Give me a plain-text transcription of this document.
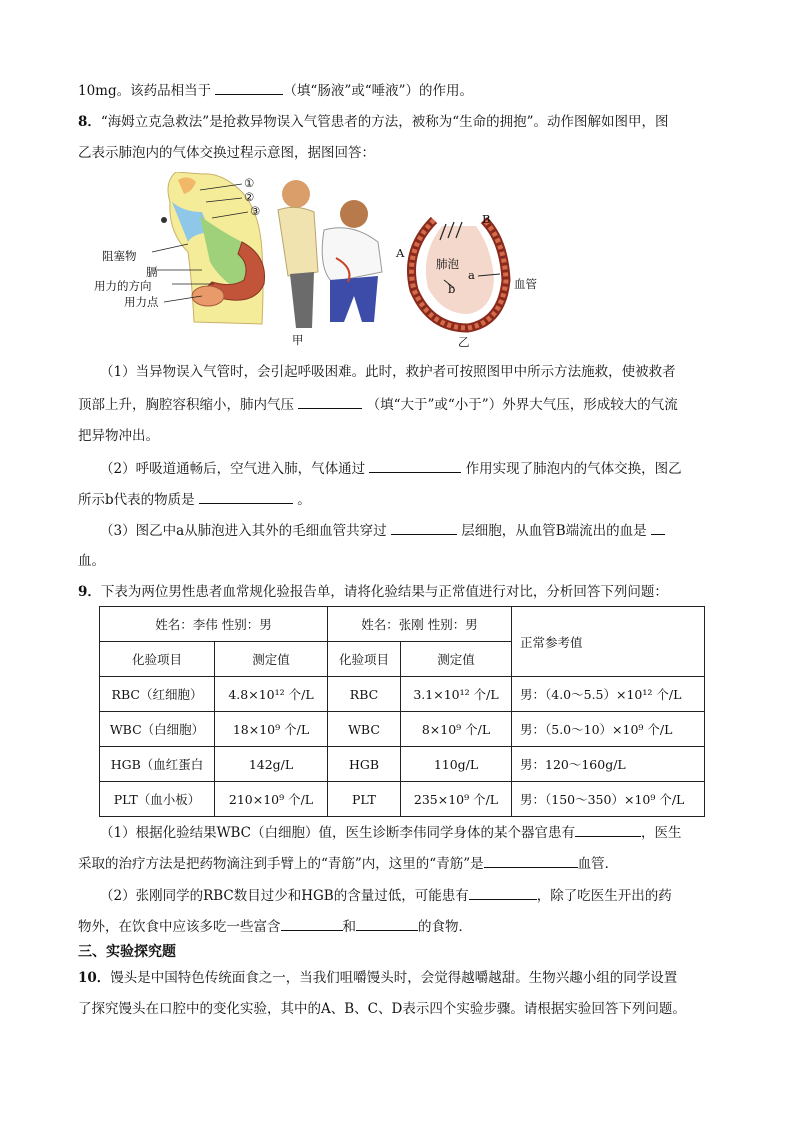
10mg。该药品相当于	（填“肠液”或“唾液”）的作用。
8．“海姆立克急救法”是抢救异物误入气管患者的方法，被称为“生命的拥抱”。动作图解如图甲，图
乙表示肺泡内的气体交换过程示意图，据图回答：
①
②
③
阻塞物
膈
用力的方向
用力点
甲
A
B
肺泡
a
b	血管
乙
（1）当异物误入气管时，会引起呼吸困难。此时，救护者可按照图甲中所示方法施救，使被救者
顶部上升，胸腔容积缩小，肺内气压	（填“大于”或“小于”）外界大气压，形成较大的气流
把异物冲出。
（2）呼吸道通畅后，空气进入肺，气体通过	作用实现了肺泡内的气体交换，图乙
所示b代表的物质是	。
（3）图乙中a从肺泡进入其外的毛细血管共穿过	层细胞，从血管B端流出的血是
血。
9．下表为两位男性患者血常规化验报告单，请将化验结果与正常值进行对比，分析回答下列问题：
姓名：李伟 性别：男		姓名：张刚 性别：男		正常参考值
化验项目	测定值	化验项目	测定值	
RBC（红细胞）	4.8×10¹² 个/L	RBC	3.1×10¹² 个/L	男：（4.0～5.5）×10¹² 个/L
WBC（白细胞）	18×10⁹ 个/L	WBC	8×10⁹ 个/L	男：（5.0～10）×10⁹ 个/L
HGB（血红蛋白	142g/L	HGB	110g/L	男：120～160g/L
PLT（血小板）	210×10⁹ 个/L	PLT	235×10⁹ 个/L	男：（150～350）×10⁹ 个/L
（1）根据化验结果WBC（白细胞）值，医生诊断李伟同学身体的某个器官患有	，医生
采取的治疗方法是把药物滴注到手臂上的“青筋”内，这里的“青筋”是	血管．
（2）张刚同学的RBC数目过少和HGB的含量过低，可能患有	，除了吃医生开出的药
物外，在饮食中应该多吃一些富含	和	的食物．
三、实验探究题
10．馒头是中国特色传统面食之一，当我们咀嚼馒头时，会觉得越嚼越甜。生物兴趣小组的同学设置
了探究馒头在口腔中的变化实验，其中的A、B、C、D表示四个实验步骤。请根据实验回答下列问题。
